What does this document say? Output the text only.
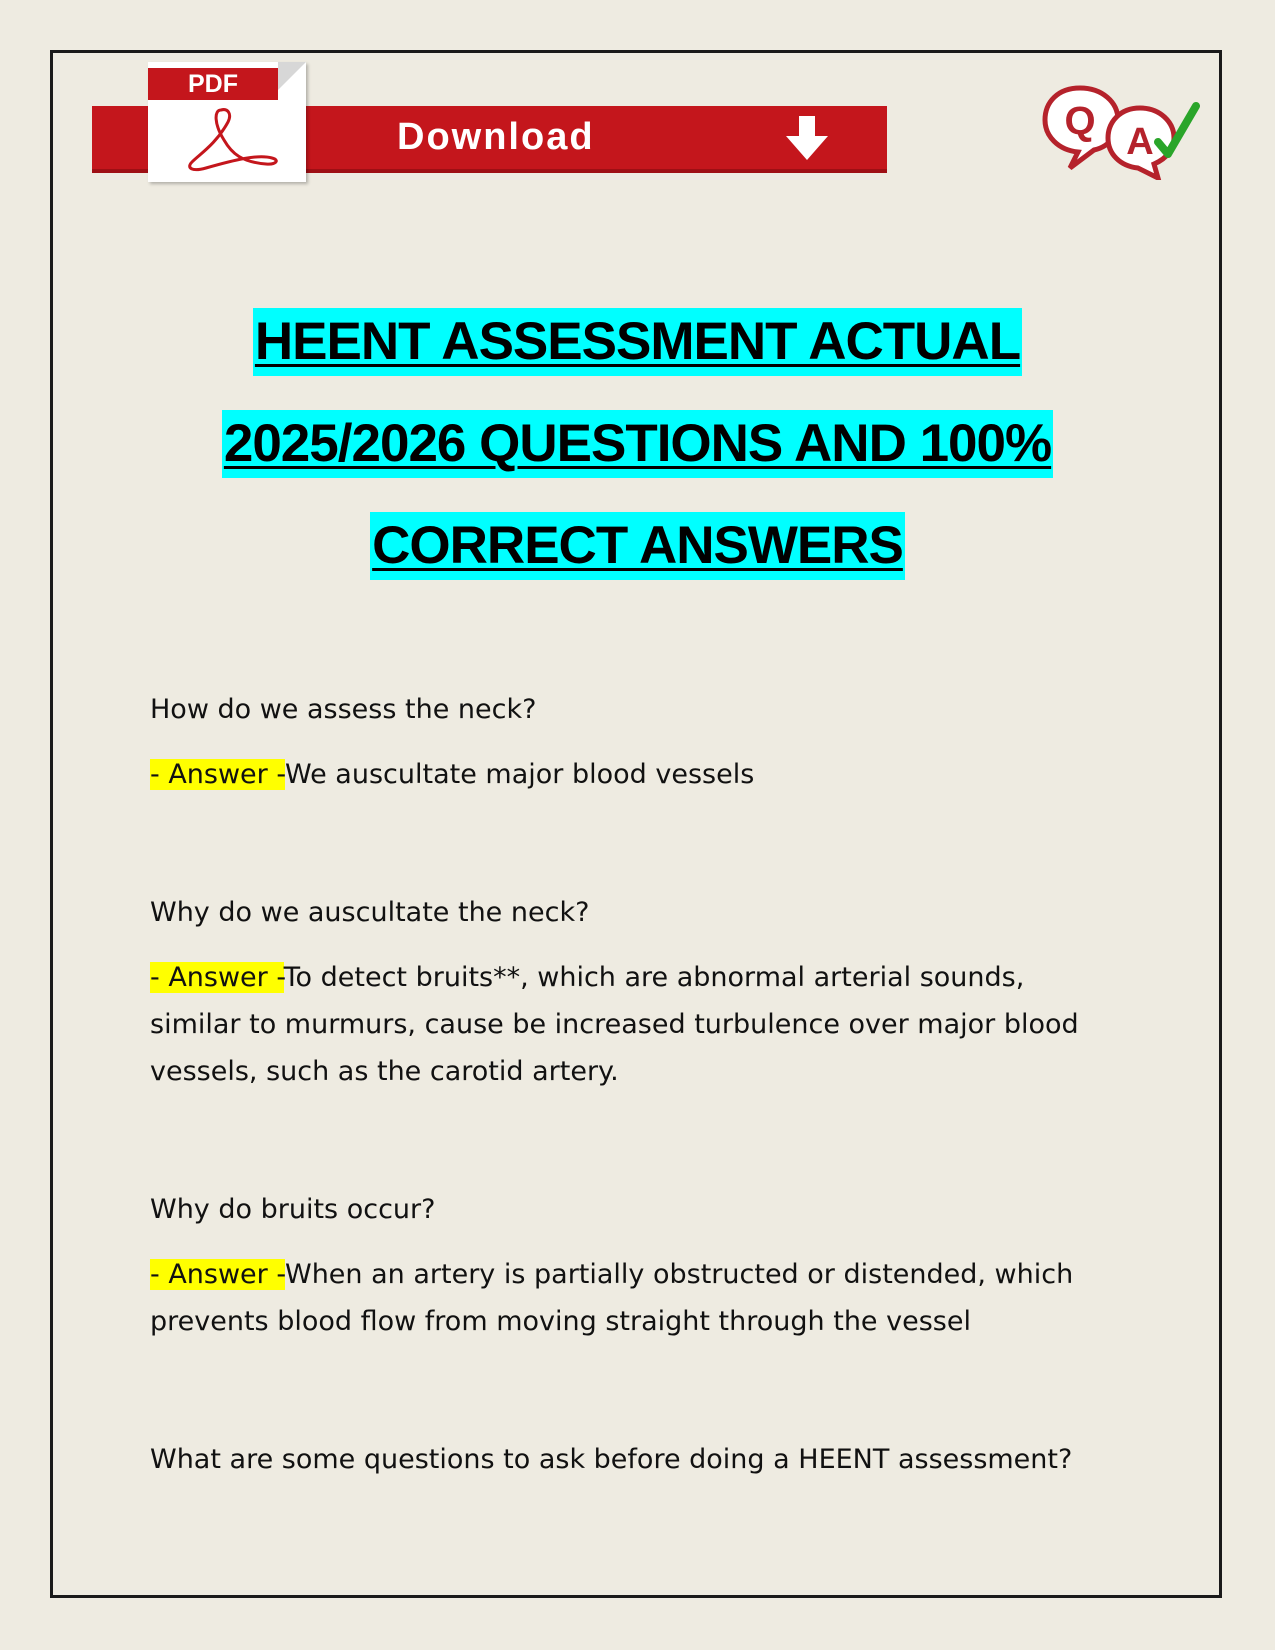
Download
PDF
Q A
HEENT ASSESSMENT ACTUAL
2025/2026 QUESTIONS AND 100%
CORRECT ANSWERS

How do we assess the neck?

- Answer -We auscultate major blood vessels

Why do we auscultate the neck?

- Answer -To detect bruits**, which are abnormal arterial sounds, similar to murmurs, cause be increased turbulence over major blood vessels, such as the carotid artery.

Why do bruits occur?

- Answer -When an artery is partially obstructed or distended, which prevents blood flow from moving straight through the vessel

What are some questions to ask before doing a HEENT assessment?
